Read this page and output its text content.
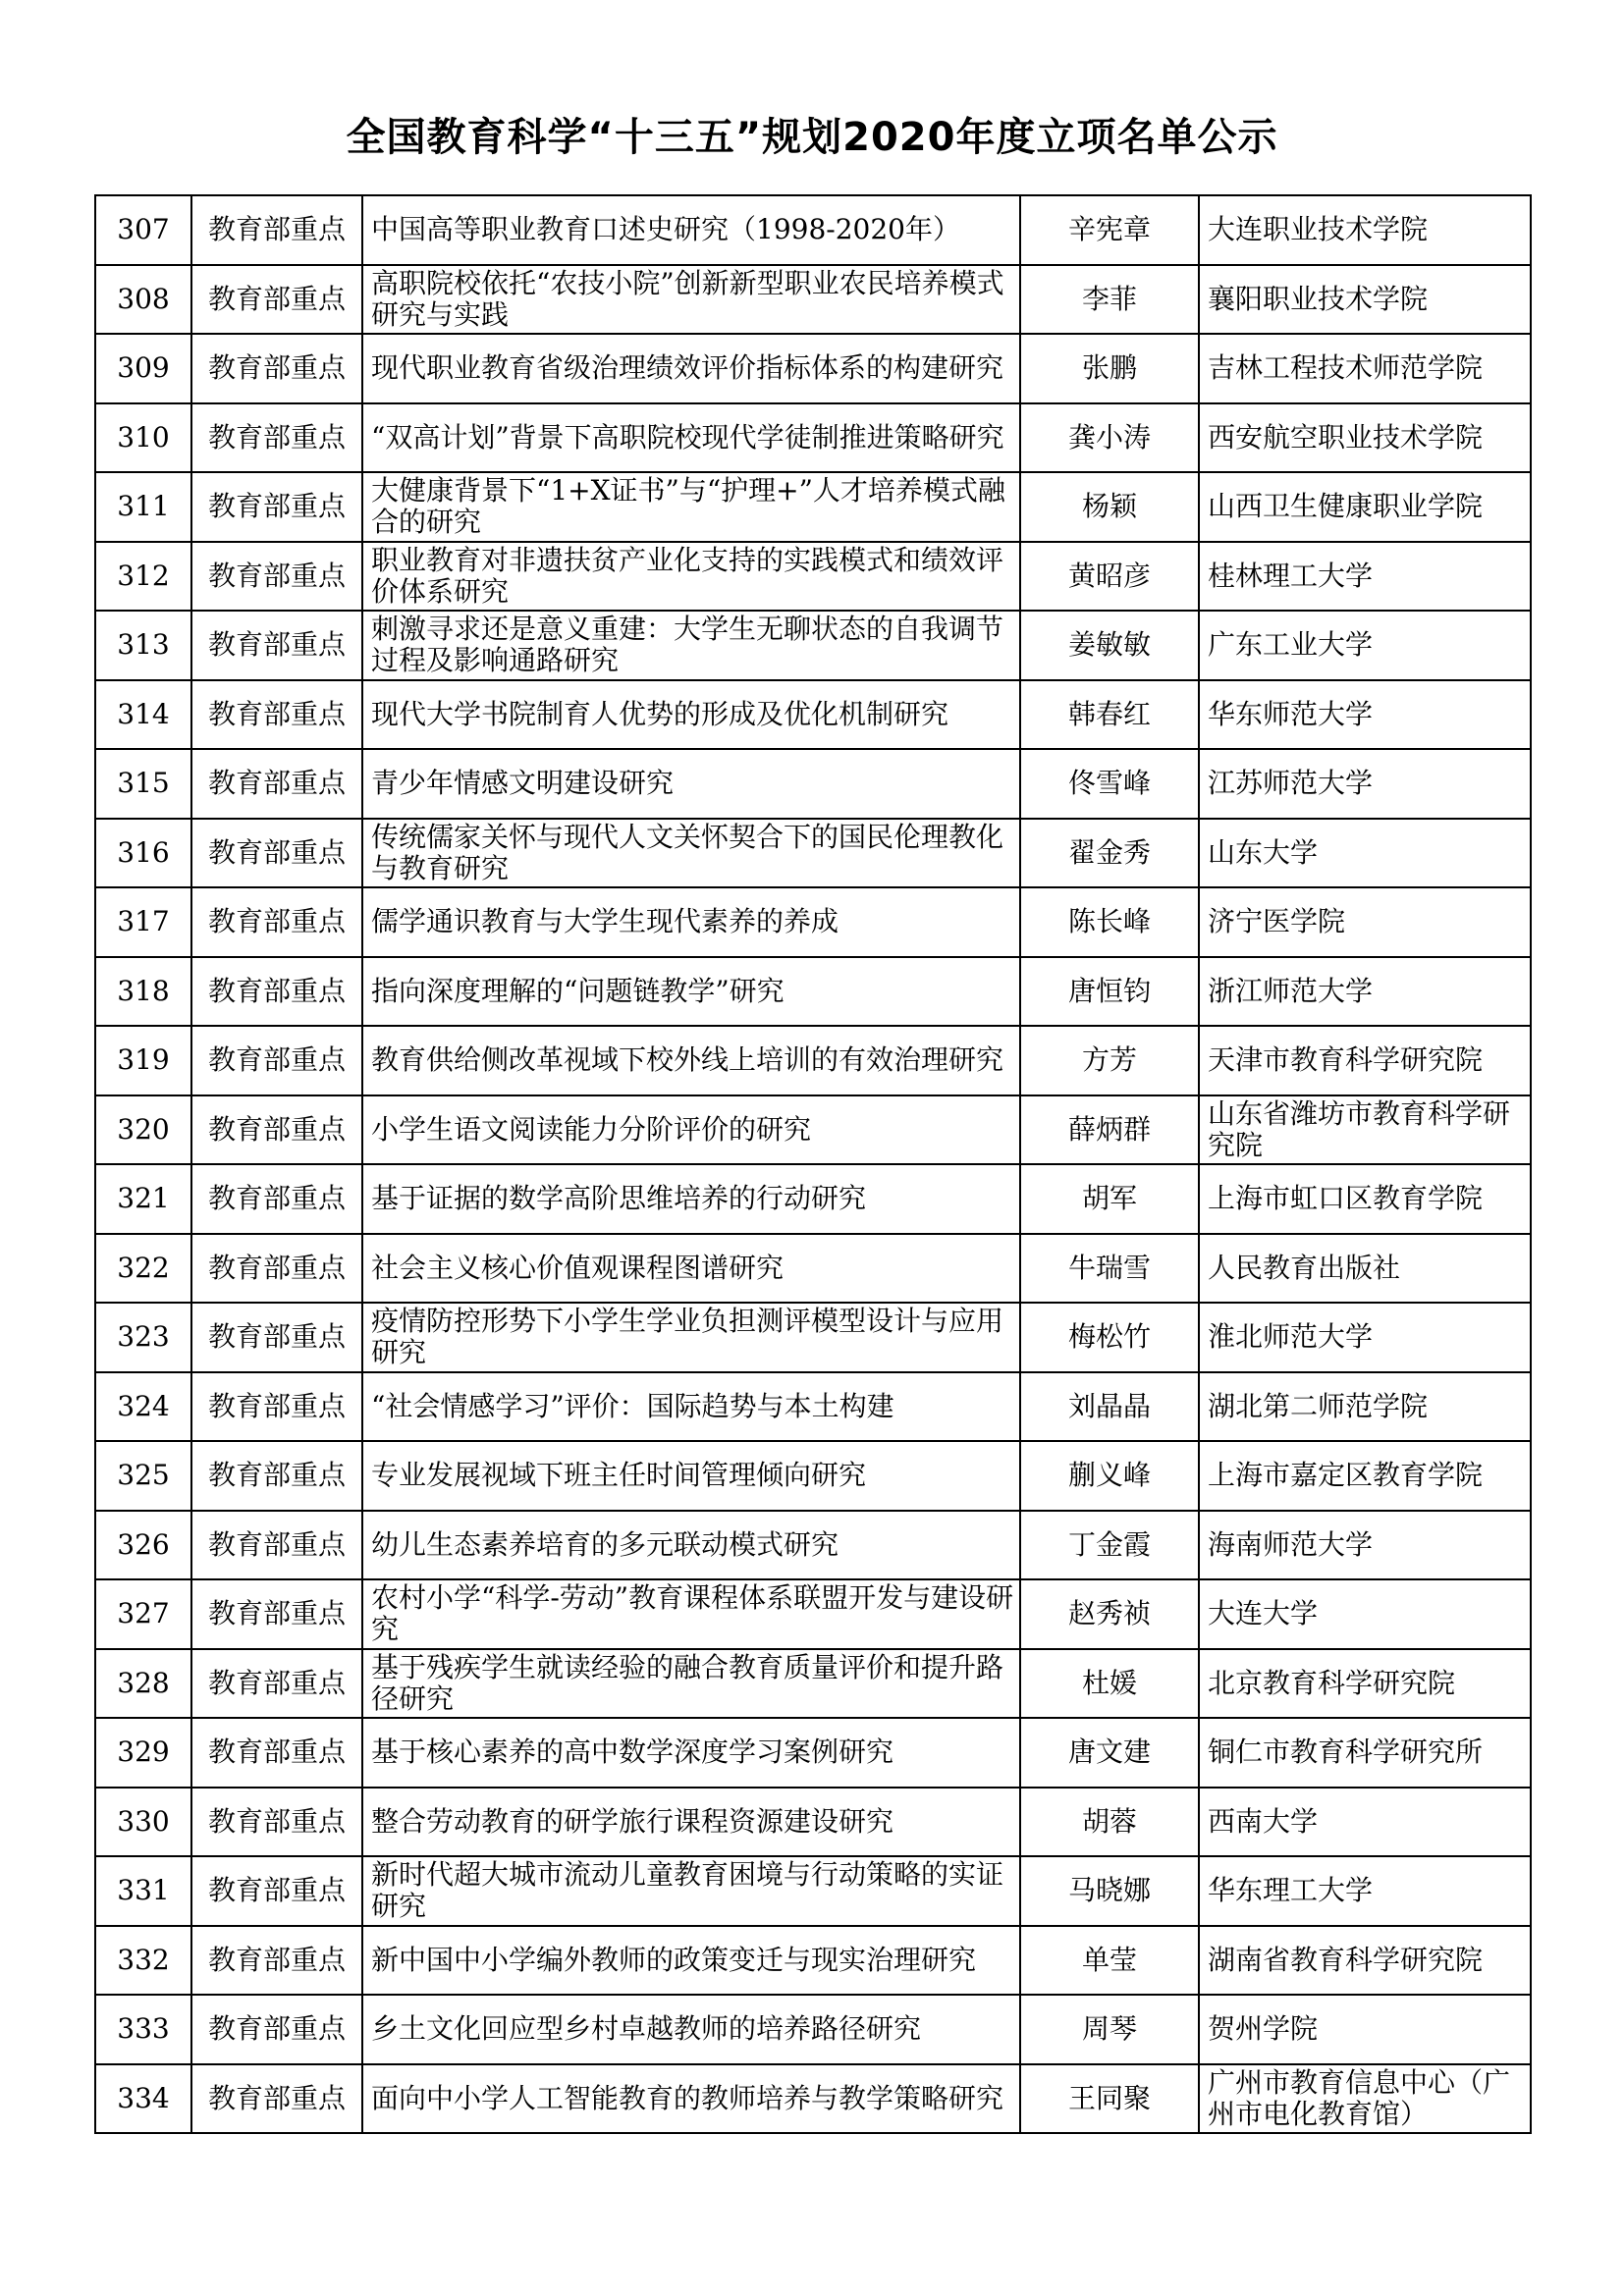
全国教育科学“十三五”规划2020年度立项名单公示
307	教育部重点	中国高等职业教育口述史研究（1998-2020年）	辛宪章	大连职业技术学院
308	教育部重点	高职院校依托“农技小院”创新新型职业农民培养模式研究与实践	李菲	襄阳职业技术学院
309	教育部重点	现代职业教育省级治理绩效评价指标体系的构建研究	张鹏	吉林工程技术师范学院
310	教育部重点	“双高计划”背景下高职院校现代学徒制推进策略研究	龚小涛	西安航空职业技术学院
311	教育部重点	大健康背景下“1+X证书”与“护理+”人才培养模式融合的研究	杨颖	山西卫生健康职业学院
312	教育部重点	职业教育对非遗扶贫产业化支持的实践模式和绩效评价体系研究	黄昭彦	桂林理工大学
313	教育部重点	刺激寻求还是意义重建：大学生无聊状态的自我调节过程及影响通路研究	姜敏敏	广东工业大学
314	教育部重点	现代大学书院制育人优势的形成及优化机制研究	韩春红	华东师范大学
315	教育部重点	青少年情感文明建设研究	佟雪峰	江苏师范大学
316	教育部重点	传统儒家关怀与现代人文关怀契合下的国民伦理教化与教育研究	翟金秀	山东大学
317	教育部重点	儒学通识教育与大学生现代素养的养成	陈长峰	济宁医学院
318	教育部重点	指向深度理解的“问题链教学”研究	唐恒钧	浙江师范大学
319	教育部重点	教育供给侧改革视域下校外线上培训的有效治理研究	方芳	天津市教育科学研究院
320	教育部重点	小学生语文阅读能力分阶评价的研究	薛炳群	山东省潍坊市教育科学研究院
321	教育部重点	基于证据的数学高阶思维培养的行动研究	胡军	上海市虹口区教育学院
322	教育部重点	社会主义核心价值观课程图谱研究	牛瑞雪	人民教育出版社
323	教育部重点	疫情防控形势下小学生学业负担测评模型设计与应用研究	梅松竹	淮北师范大学
324	教育部重点	“社会情感学习”评价：国际趋势与本土构建	刘晶晶	湖北第二师范学院
325	教育部重点	专业发展视域下班主任时间管理倾向研究	蒯义峰	上海市嘉定区教育学院
326	教育部重点	幼儿生态素养培育的多元联动模式研究	丁金霞	海南师范大学
327	教育部重点	农村小学“科学-劳动”教育课程体系联盟开发与建设研究	赵秀祯	大连大学
328	教育部重点	基于残疾学生就读经验的融合教育质量评价和提升路径研究	杜媛	北京教育科学研究院
329	教育部重点	基于核心素养的高中数学深度学习案例研究	唐文建	铜仁市教育科学研究所
330	教育部重点	整合劳动教育的研学旅行课程资源建设研究	胡蓉	西南大学
331	教育部重点	新时代超大城市流动儿童教育困境与行动策略的实证研究	马晓娜	华东理工大学
332	教育部重点	新中国中小学编外教师的政策变迁与现实治理研究	单莹	湖南省教育科学研究院
333	教育部重点	乡土文化回应型乡村卓越教师的培养路径研究	周琴	贺州学院
334	教育部重点	面向中小学人工智能教育的教师培养与教学策略研究	王同聚	广州市教育信息中心（广州市电化教育馆）
